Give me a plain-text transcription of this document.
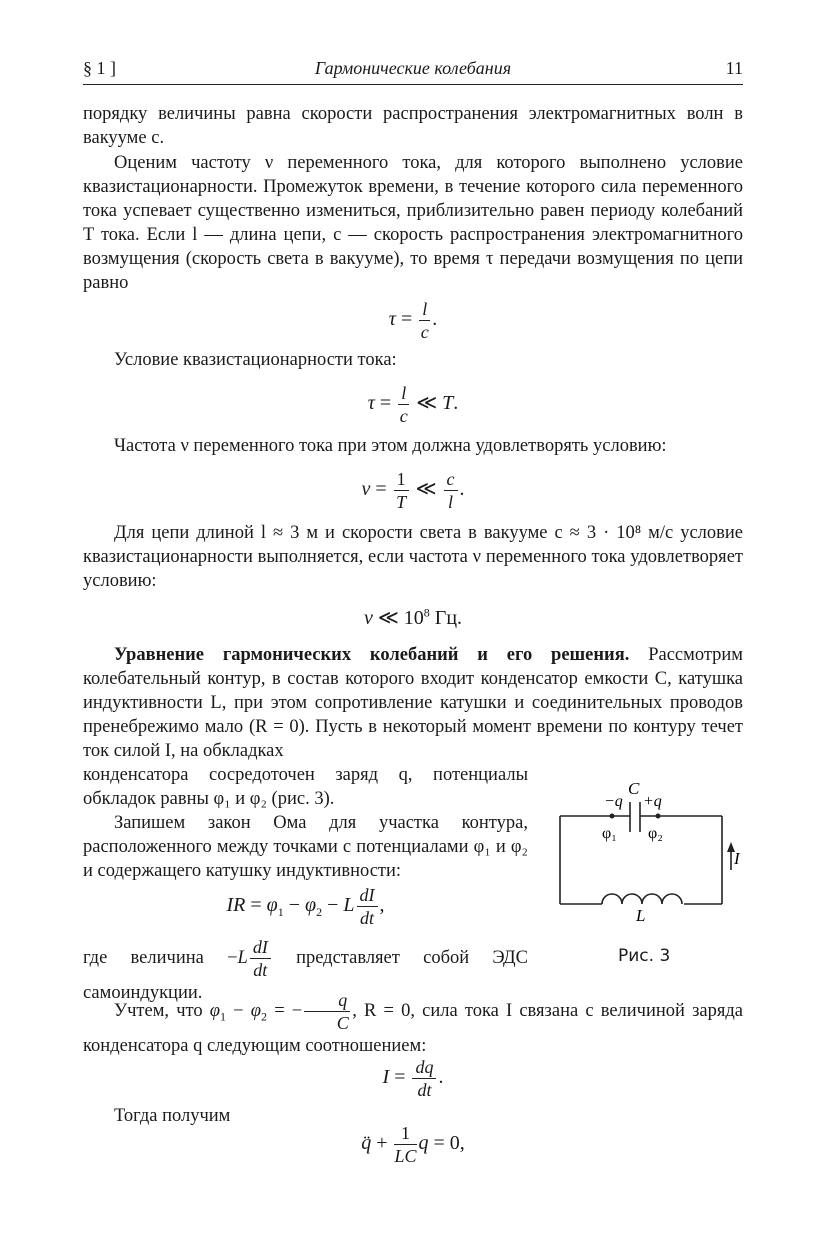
§ 1 ]	Гармонические колебания	11
порядку величины равна скорости распространения электромагнитных волн в вакууме c.
Оценим частоту ν переменного тока, для которого выполнено условие квазистационарности. Промежуток времени, в течение которого сила переменного тока успевает существенно измениться, приблизительно равен периоду колебаний T тока. Если l — длина цепи, c — скорость распространения электромагнитного возмущения (скорость света в вакууме), то время τ передачи возмущения по цепи равно
$\tau = \frac{l}{c}$ .
Условие квазистационарности тока:
$\tau = \frac{l}{c}$ ≪ T.
Частота ν переменного тока при этом должна удовлетворять условию:
$\nu = \frac{1}{T}$ ≪ $\frac{c}{l}$ .
Для цепи длиной l ≈ 3 м и скорости света в вакууме c ≈ 3 · 10⁸ м/с условие квазистационарности выполняется, если частота ν переменного тока удовлетворяет условию:
ν ≪ $10^8$ Гц.
Уравнение гармонических колебаний и его решения. Рассмотрим колебательный контур, в состав которого входит конденсатор емкости C, катушка индуктивности L, при этом сопротивление катушки и соединительных проводов пренебрежимо мало (R = 0). Пусть в некоторый момент времени по контуру течет ток силой I, на обкладках
конденсатора сосредоточен заряд q, потенциалы обкладок равны φ₁ и φ₂ (рис. 3).
Запишем закон Ома для участка контура, расположенного между точками с потенциалами φ₁ и φ₂ и содержащего катушку индуктивности:
IR = $\varphi_1 - \varphi_2 - L \frac{dI}{dt}$ ,
где величина $-L \frac{dI}{dt}$ представляет собой ЭДС самоиндукции.
Учтем, что $\varphi_1 - \varphi_2$ = − $\frac{q}{C}$ , R = 0, сила тока I связана с величиной заряда конденсатора q следующим соотношением:
$I = \frac{dq}{dt}$ .
Тогда получим
q̈ + $\frac{1}{LC}$ q = 0,
C
−q +q
φ₁ φ₂
I
L
Рис. 3
